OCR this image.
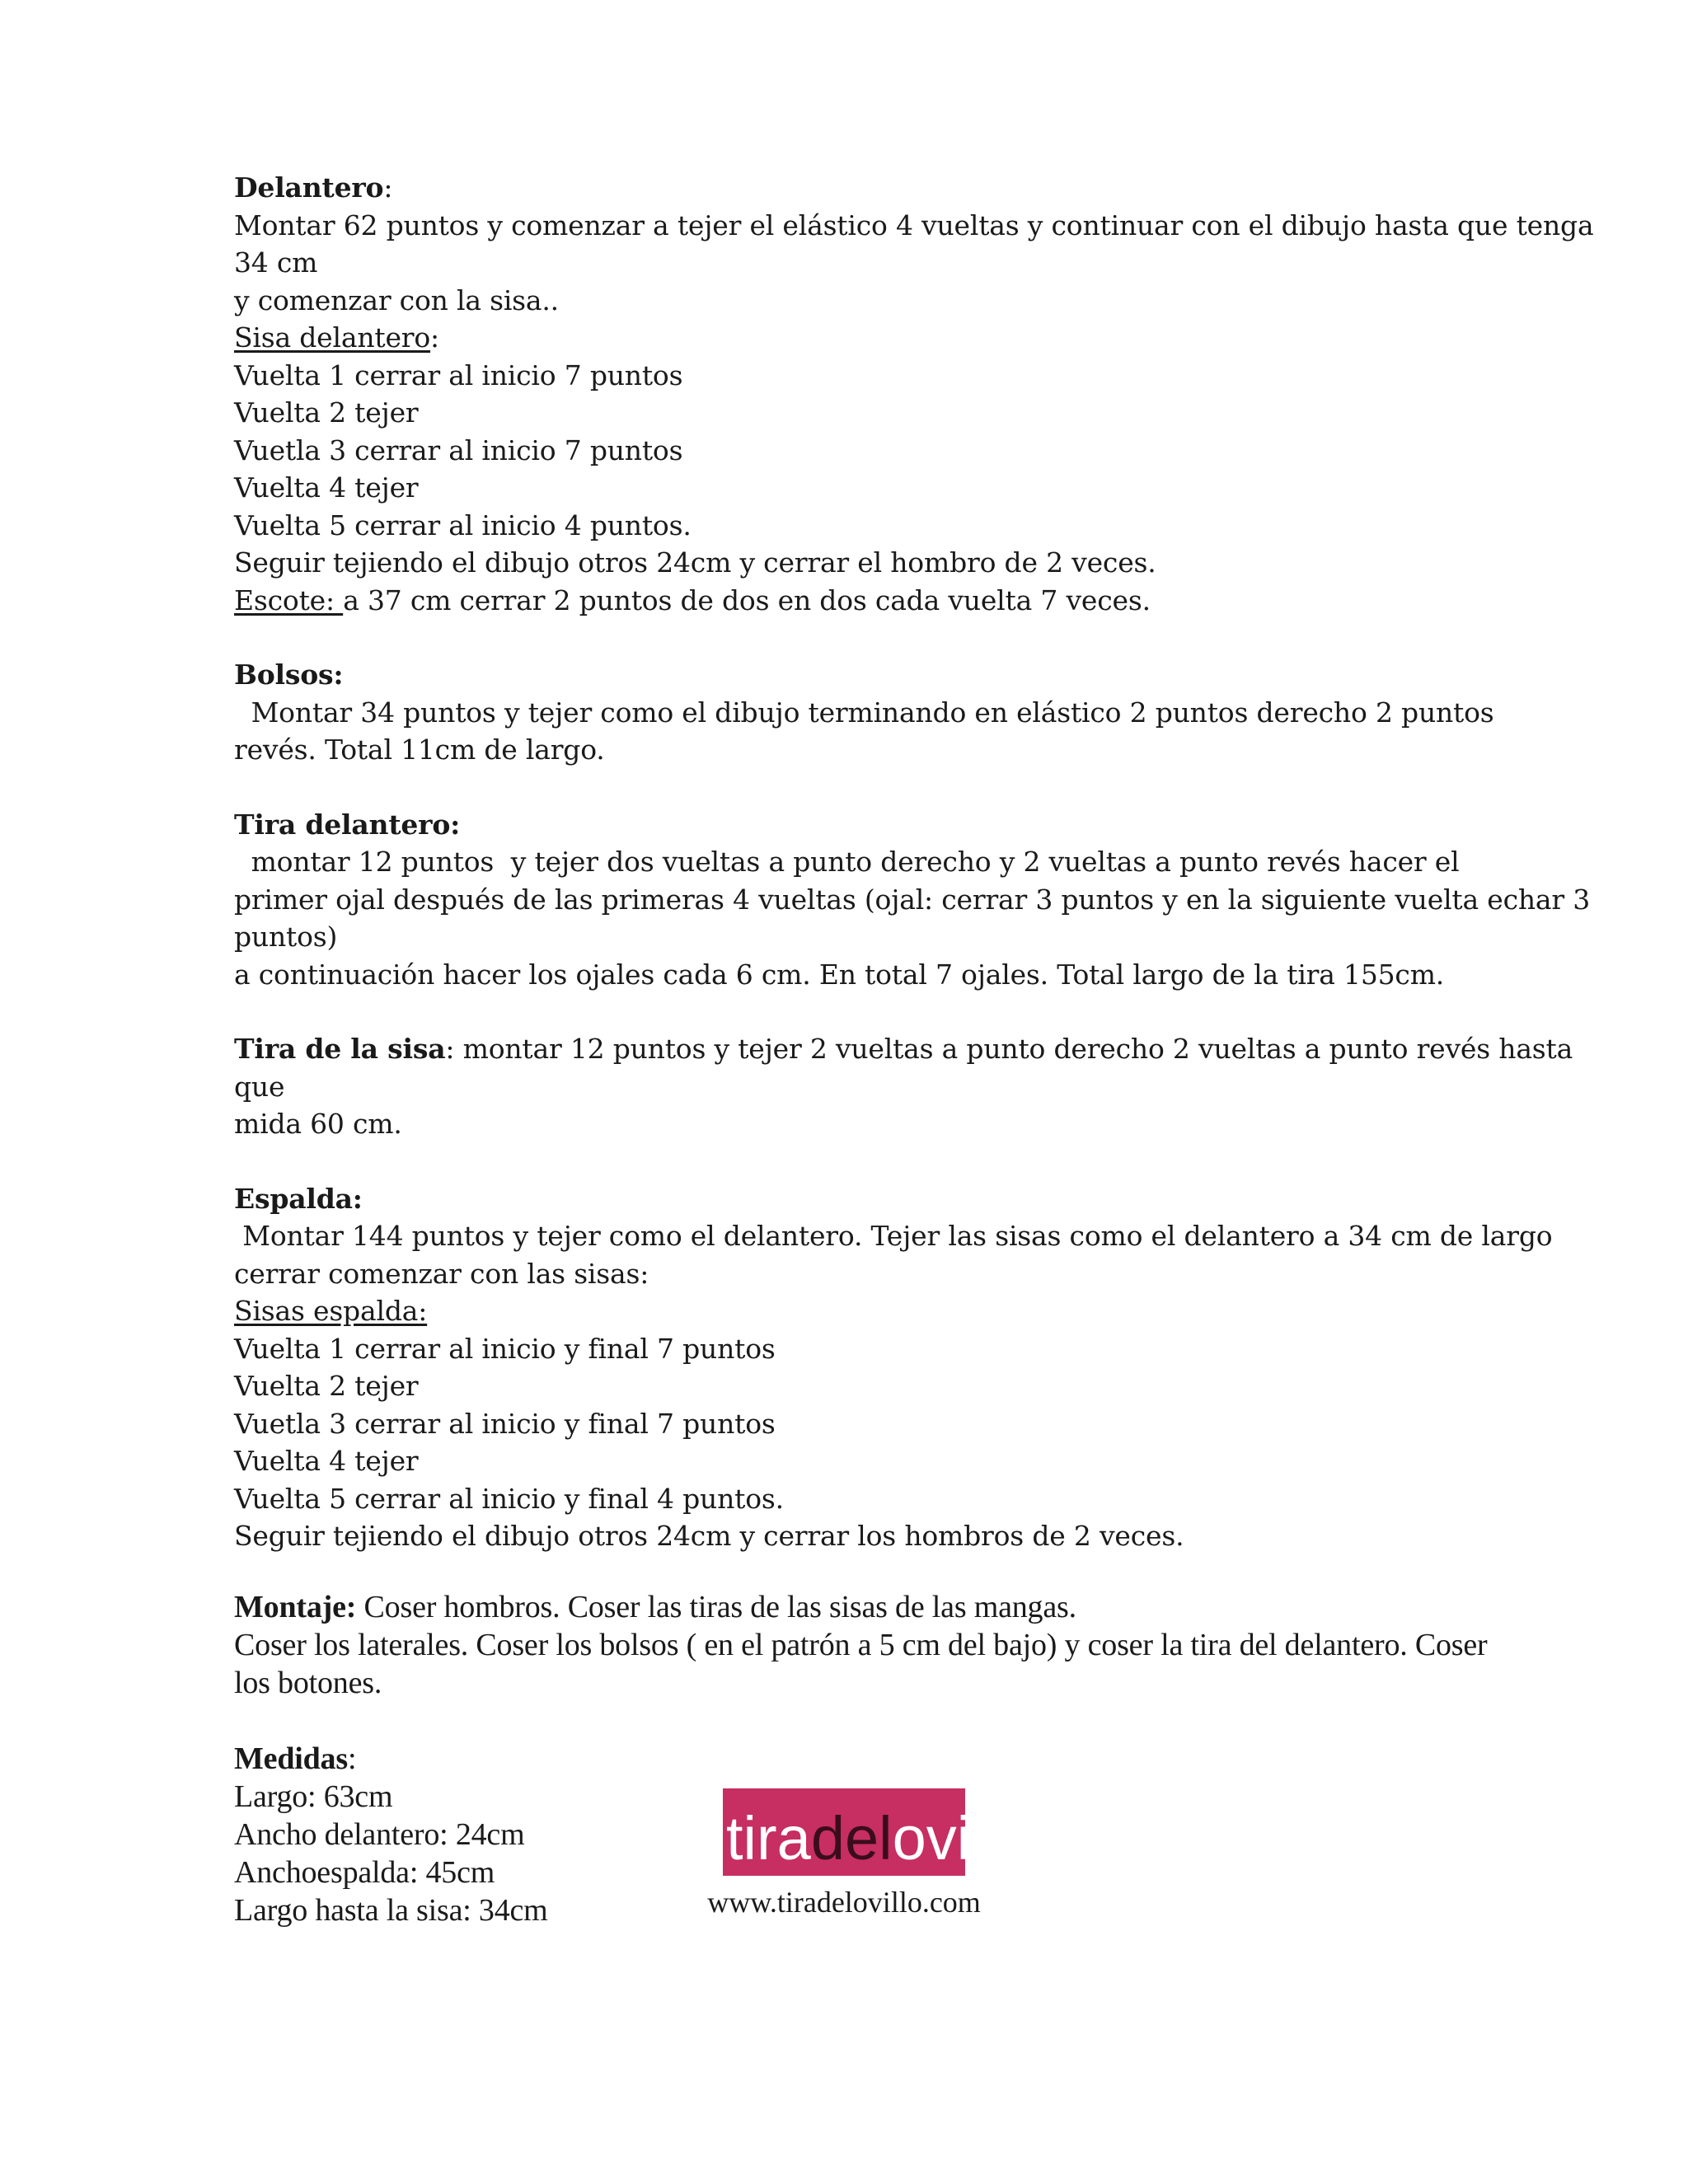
Delantero:

Montar 62 puntos y comenzar a tejer el elástico 4 vueltas y continuar con el dibujo hasta que tenga 34 cm

y comenzar con la sisa..

Sisa delantero:

Vuelta 1 cerrar al inicio 7 puntos

Vuelta 2 tejer

Vuetla 3 cerrar al inicio 7 puntos

Vuelta 4 tejer

Vuelta 5 cerrar al inicio 4 puntos.

Seguir tejiendo el dibujo otros 24cm y cerrar el hombro de 2 veces.

Escote: a 37 cm cerrar 2 puntos de dos en dos cada vuelta 7 veces.

Bolsos:  Montar 34 puntos y tejer como el dibujo terminando en elástico 2 puntos derecho 2 puntos

revés. Total 11cm de largo.

Tira delantero:  montar 12 puntos  y tejer dos vueltas a punto derecho y 2 vueltas a punto revés hacer el

primer ojal después de las primeras 4 vueltas (ojal: cerrar 3 puntos y en la siguiente vuelta echar 3 puntos)

a continuación hacer los ojales cada 6 cm. En total 7 ojales. Total largo de la tira 155cm.

Tira de la sisa: montar 12 puntos y tejer 2 vueltas a punto derecho 2 vueltas a punto revés hasta que

mida 60 cm.

Espalda: Montar 144 puntos y tejer como el delantero. Tejer las sisas como el delantero a 34 cm de largo

cerrar comenzar con las sisas:

Sisas espalda:

Vuelta 1 cerrar al inicio y final 7 puntos

Vuelta 2 tejer

Vuetla 3 cerrar al inicio y final 7 puntos

Vuelta 4 tejer

Vuelta 5 cerrar al inicio y final 4 puntos.

Seguir tejiendo el dibujo otros 24cm y cerrar los hombros de 2 veces.

Montaje: Coser hombros. Coser las tiras de las sisas de las mangas.

Coser los laterales. Coser los bolsos ( en el patrón a 5 cm del bajo) y coser la tira del delantero. Coser

los botones.

Medidas:

Largo: 63cm

Ancho delantero: 24cm

Anchoespalda: 45cm

Largo hasta la sisa: 34cm

tiradelovillo
www.tiradelovillo.com
